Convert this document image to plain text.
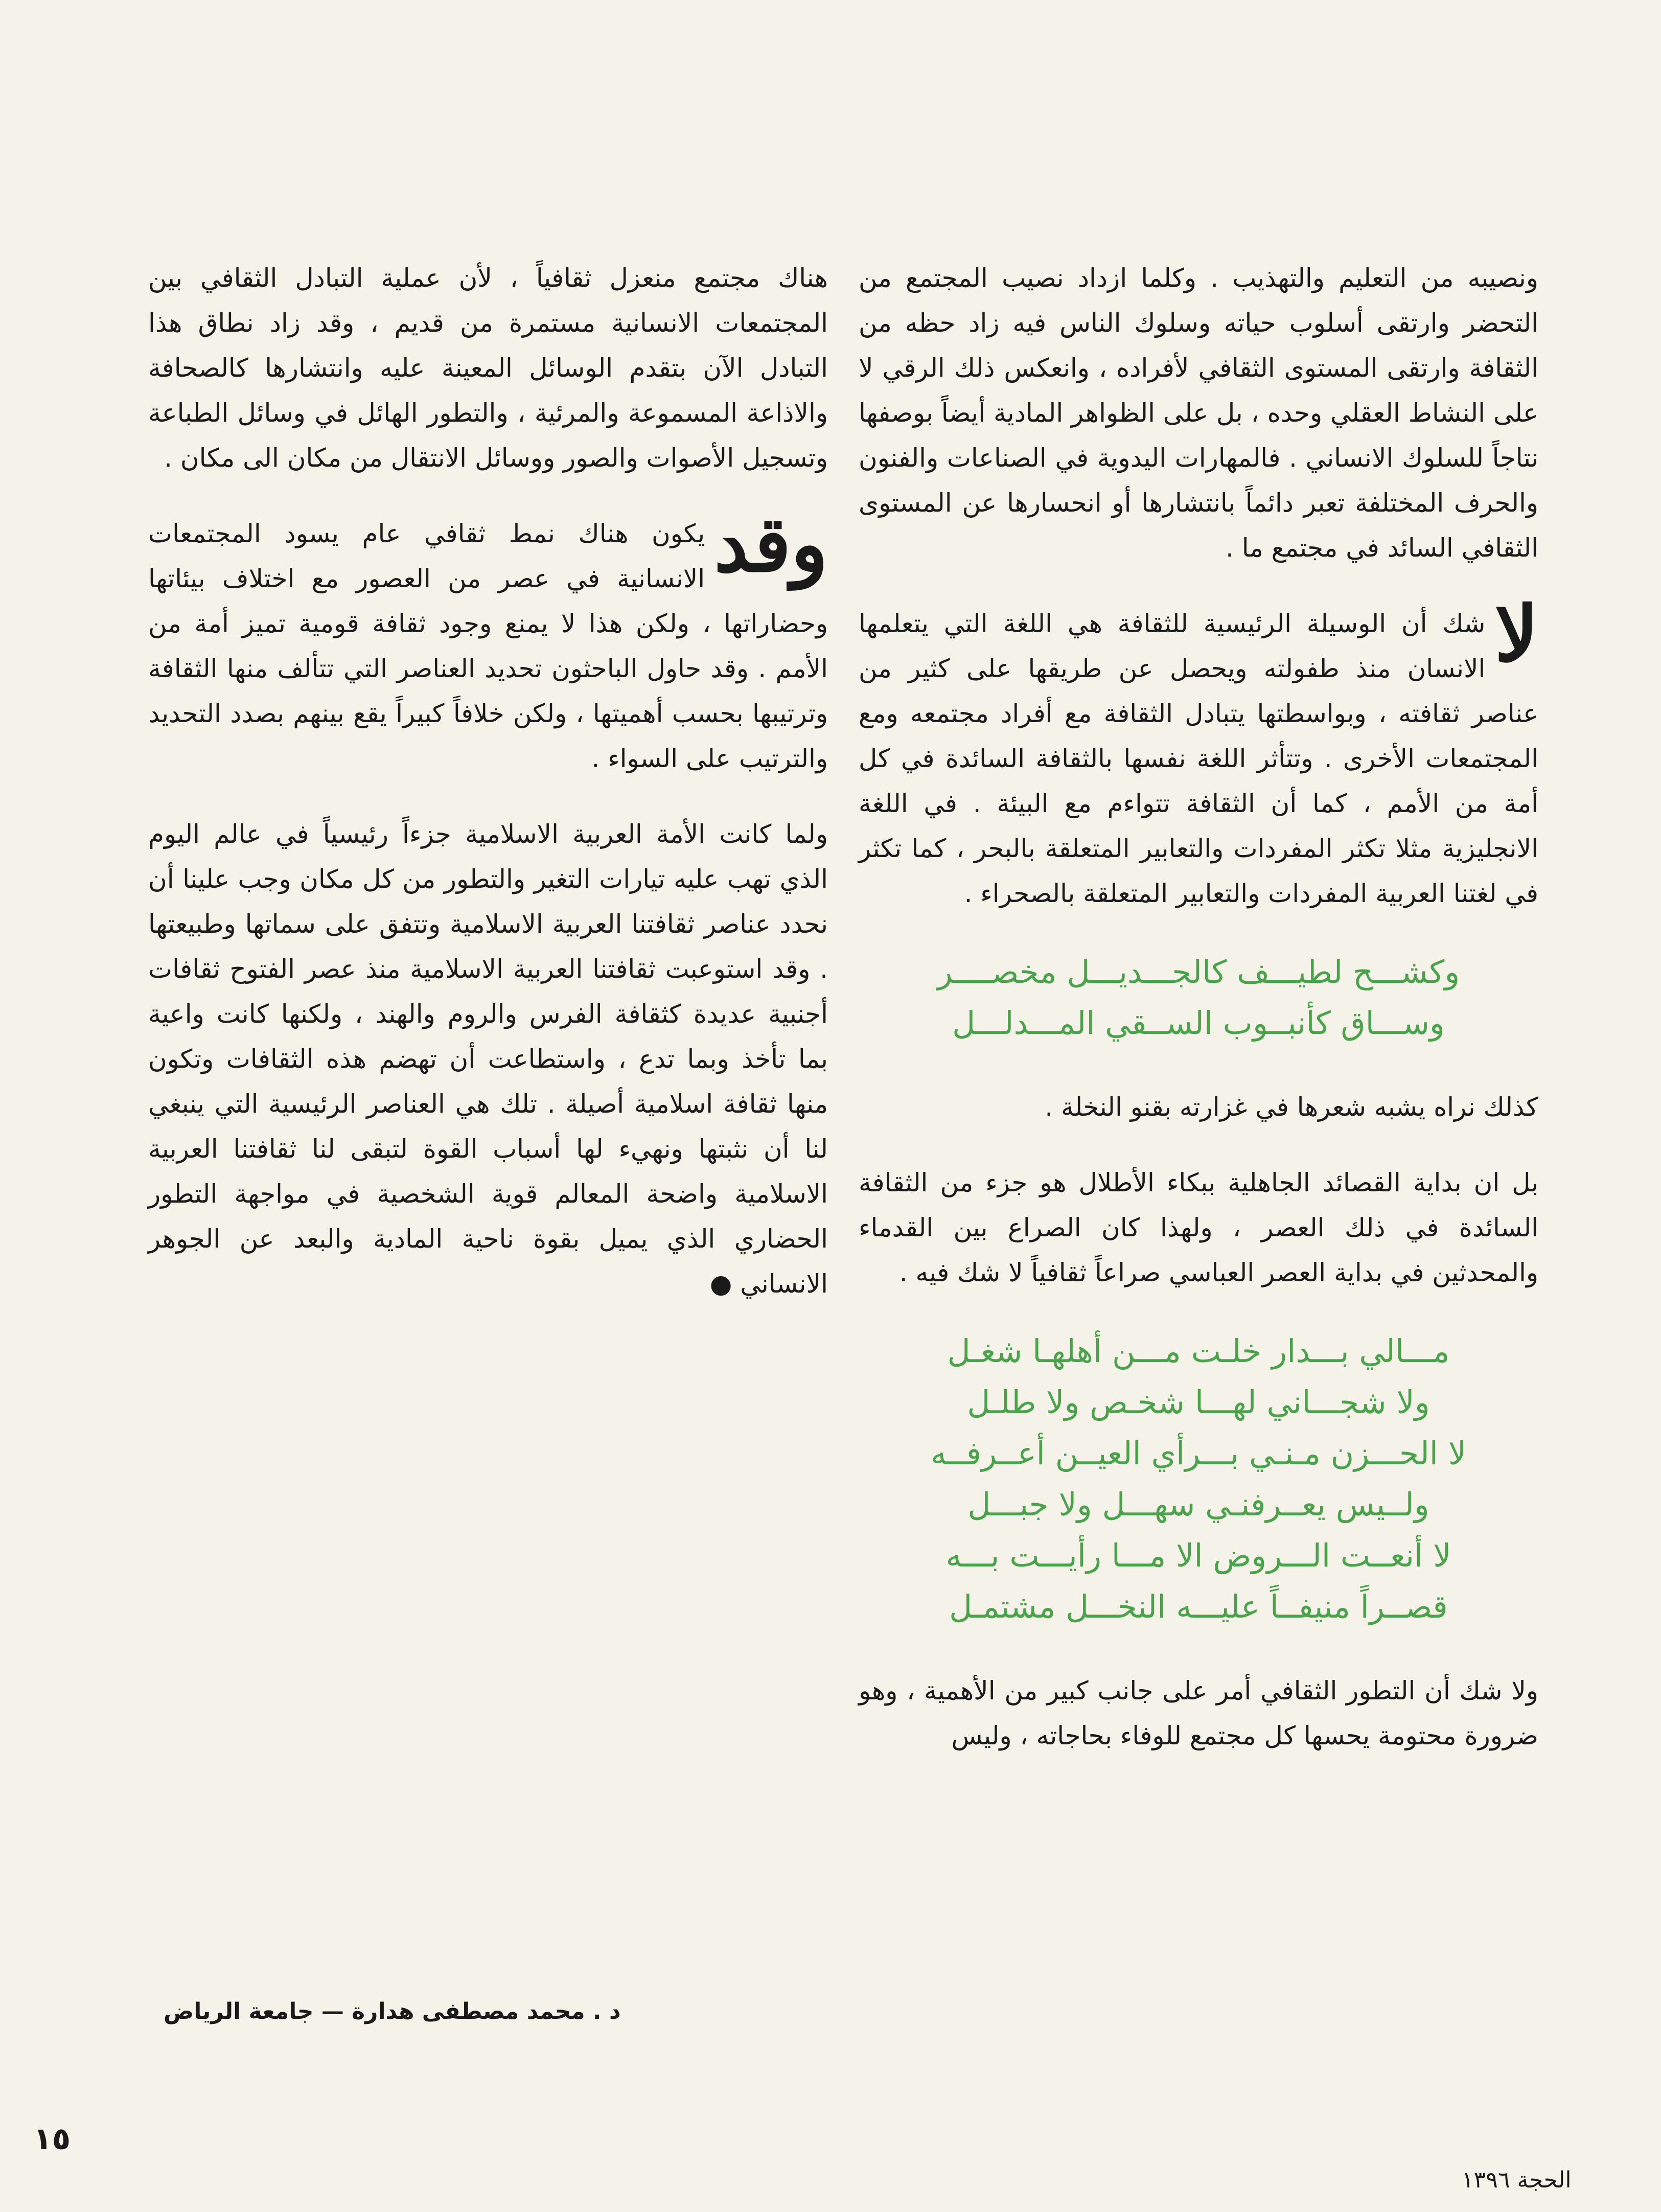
ونصيبه من التعليم والتهذيب . وكلما ازداد نصيب المجتمع من التحضر وارتقى أسلوب حياته وسلوك الناس فيه زاد حظه من الثقافة وارتقى المستوى الثقافي لأفراده ، وانعكس ذلك الرقي لا على النشاط العقلي وحده ، بل على الظواهر المادية أيضاً بوصفها نتاجاً للسلوك الانساني . فالمهارات اليدوية في الصناعات والفنون والحرف المختلفة تعبر دائماً بانتشارها أو انحسارها عن المستوى الثقافي السائد في مجتمع ما .

لا
شك أن الوسيلة الرئيسية للثقافة هي اللغة التي يتعلمها الانسان منذ طفولته ويحصل عن طريقها على كثير من عناصر ثقافته ، وبواسطتها يتبادل الثقافة مع أفراد مجتمعه ومع المجتمعات الأخرى . وتتأثر اللغة نفسها بالثقافة السائدة في كل أمة من الأمم ، كما أن الثقافة تتواءم مع البيئة . في اللغة الانجليزية مثلا تكثر المفردات والتعابير المتعلقة بالبحر ، كما تكثر في لغتنا العربية المفردات والتعابير المتعلقة بالصحراء .

وكشـــح لطيـــف كالجـــديـــل مخصــــر
وســـاق كأنبــوب الســقي المـــدلـــل

كذلك نراه يشبه شعرها في غزارته بقنو النخلة .

بل ان بداية القصائد الجاهلية ببكاء الأطلال هو جزء من الثقافة السائدة في ذلك العصر ، ولهذا كان الصراع بين القدماء والمحدثين في بداية العصر العباسي صراعاً ثقافياً لا شك فيه .

مـــالي بـــدار خلـت مـــن أهلهـا شغـل
ولا شجـــاني لهـــا شخـص ولا طلـل
لا الحـــزن مـنـي بـــرأي العيــن أعــرفــه
ولــيس يعــرفنـي سهـــل ولا جبـــل
لا أنعــت الـــروض الا مـــا رأيـــت بـــه
قصــراً منيفــاً عليـــه النخـــل مشتمـل

ولا شك أن التطور الثقافي أمر على جانب كبير من الأهمية ، وهو ضرورة محتومة يحسها كل مجتمع للوفاء بحاجاته ، وليس

هناك مجتمع منعزل ثقافياً ، لأن عملية التبادل الثقافي بين المجتمعات الانسانية مستمرة من قديم ، وقد زاد نطاق هذا التبادل الآن بتقدم الوسائل المعينة عليه وانتشارها كالصحافة والاذاعة المسموعة والمرئية ، والتطور الهائل في وسائل الطباعة وتسجيل الأصوات والصور ووسائل الانتقال من مكان الى مكان .

وقد
يكون هناك نمط ثقافي عام يسود المجتمعات الانسانية في عصر من العصور مع اختلاف بيئاتها وحضاراتها ، ولكن هذا لا يمنع وجود ثقافة قومية تميز أمة من الأمم . وقد حاول الباحثون تحديد العناصر التي تتألف منها الثقافة وترتيبها بحسب أهميتها ، ولكن خلافاً كبيراً يقع بينهم بصدد التحديد والترتيب على السواء .

ولما كانت الأمة العربية الاسلامية جزءاً رئيسياً في عالم اليوم الذي تهب عليه تيارات التغير والتطور من كل مكان وجب علينا أن نحدد عناصر ثقافتنا العربية الاسلامية وتتفق على سماتها وطبيعتها . وقد استوعبت ثقافتنا العربية الاسلامية منذ عصر الفتوح ثقافات أجنبية عديدة كثقافة الفرس والروم والهند ، ولكنها كانت واعية بما تأخذ وبما تدع ، واستطاعت أن تهضم هذه الثقافات وتكون منها ثقافة اسلامية أصيلة . تلك هي العناصر الرئيسية التي ينبغي لنا أن نثبتها ونهيء لها أسباب القوة لتبقى لنا ثقافتنا العربية الاسلامية واضحة المعالم قوية الشخصية في مواجهة التطور الحضاري الذي يميل بقوة ناحية المادية والبعد عن الجوهر الانساني ●

د . محمد مصطفى هدارة — جامعة الرياض
١٥
الحجة ١٣٩٦
